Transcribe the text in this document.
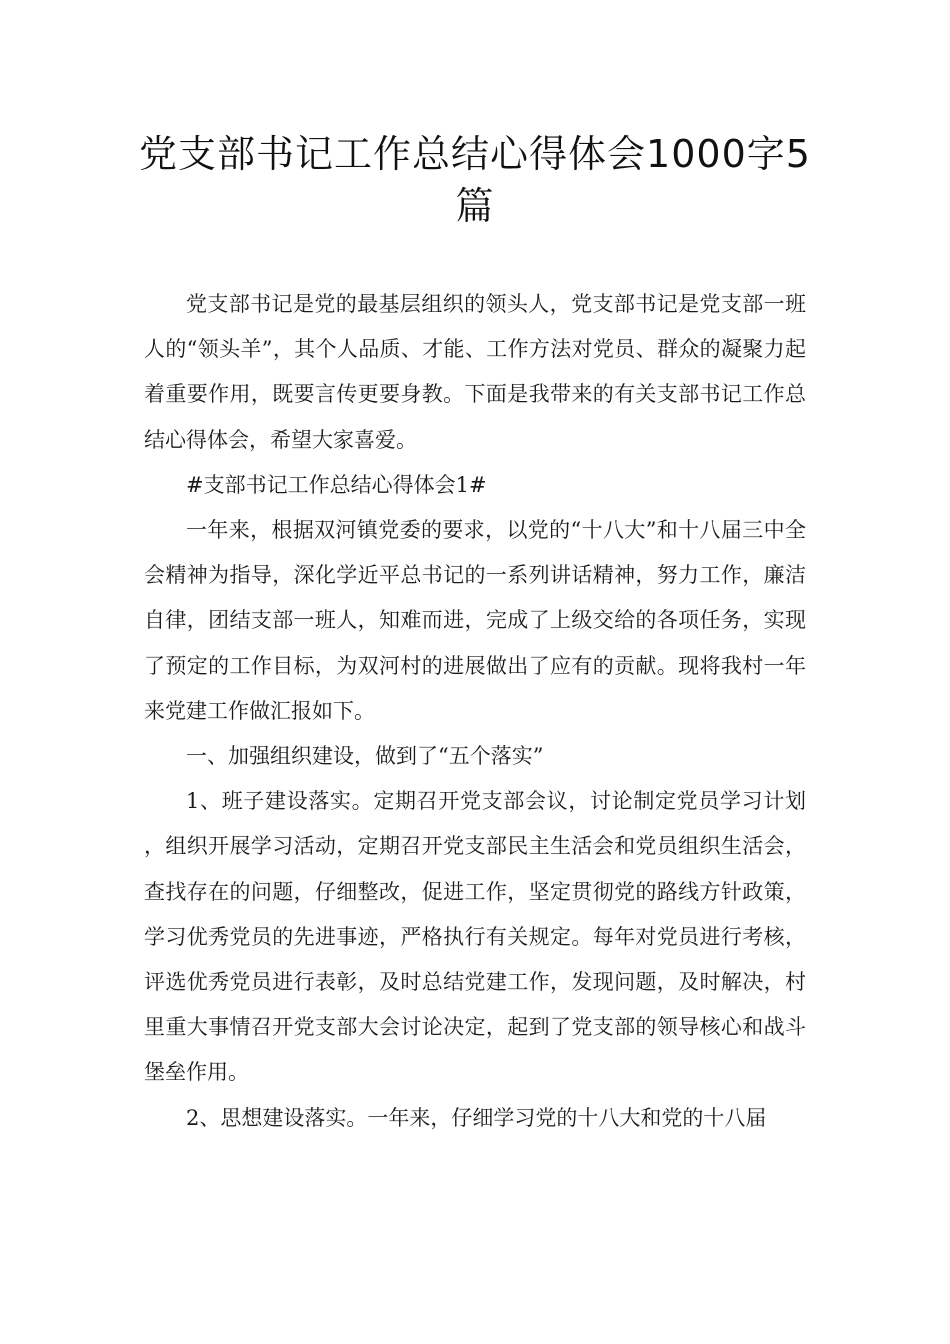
党支部书记工作总结心得体会1000字5篇

党支部书记是党的最基层组织的领头人，党支部书记是党支部一班人的“领头羊”，其个人品质、才能、工作方法对党员、群众的凝聚力起着重要作用，既要言传更要身教。下面是我带来的有关支部书记工作总结心得体会，希望大家喜爱。

#支部书记工作总结心得体会1#

一年来，根据双河镇党委的要求，以党的“十八大”和十八届三中全会精神为指导，深化学近平总书记的一系列讲话精神，努力工作，廉洁自律，团结支部一班人，知难而进，完成了上级交给的各项任务，实现了预定的工作目标，为双河村的进展做出了应有的贡献。现将我村一年来党建工作做汇报如下。

一、加强组织建设，做到了“五个落实”

1、班子建设落实。定期召开党支部会议，讨论制定党员学习计划，组织开展学习活动，定期召开党支部民主生活会和党员组织生活会，查找存在的问题，仔细整改，促进工作，坚定贯彻党的路线方针政策，学习优秀党员的先进事迹，严格执行有关规定。每年对党员进行考核，评选优秀党员进行表彰，及时总结党建工作，发现问题，及时解决，村里重大事情召开党支部大会讨论决定，起到了党支部的领导核心和战斗堡垒作用。

2、思想建设落实。一年来，仔细学习党的十八大和党的十八届
